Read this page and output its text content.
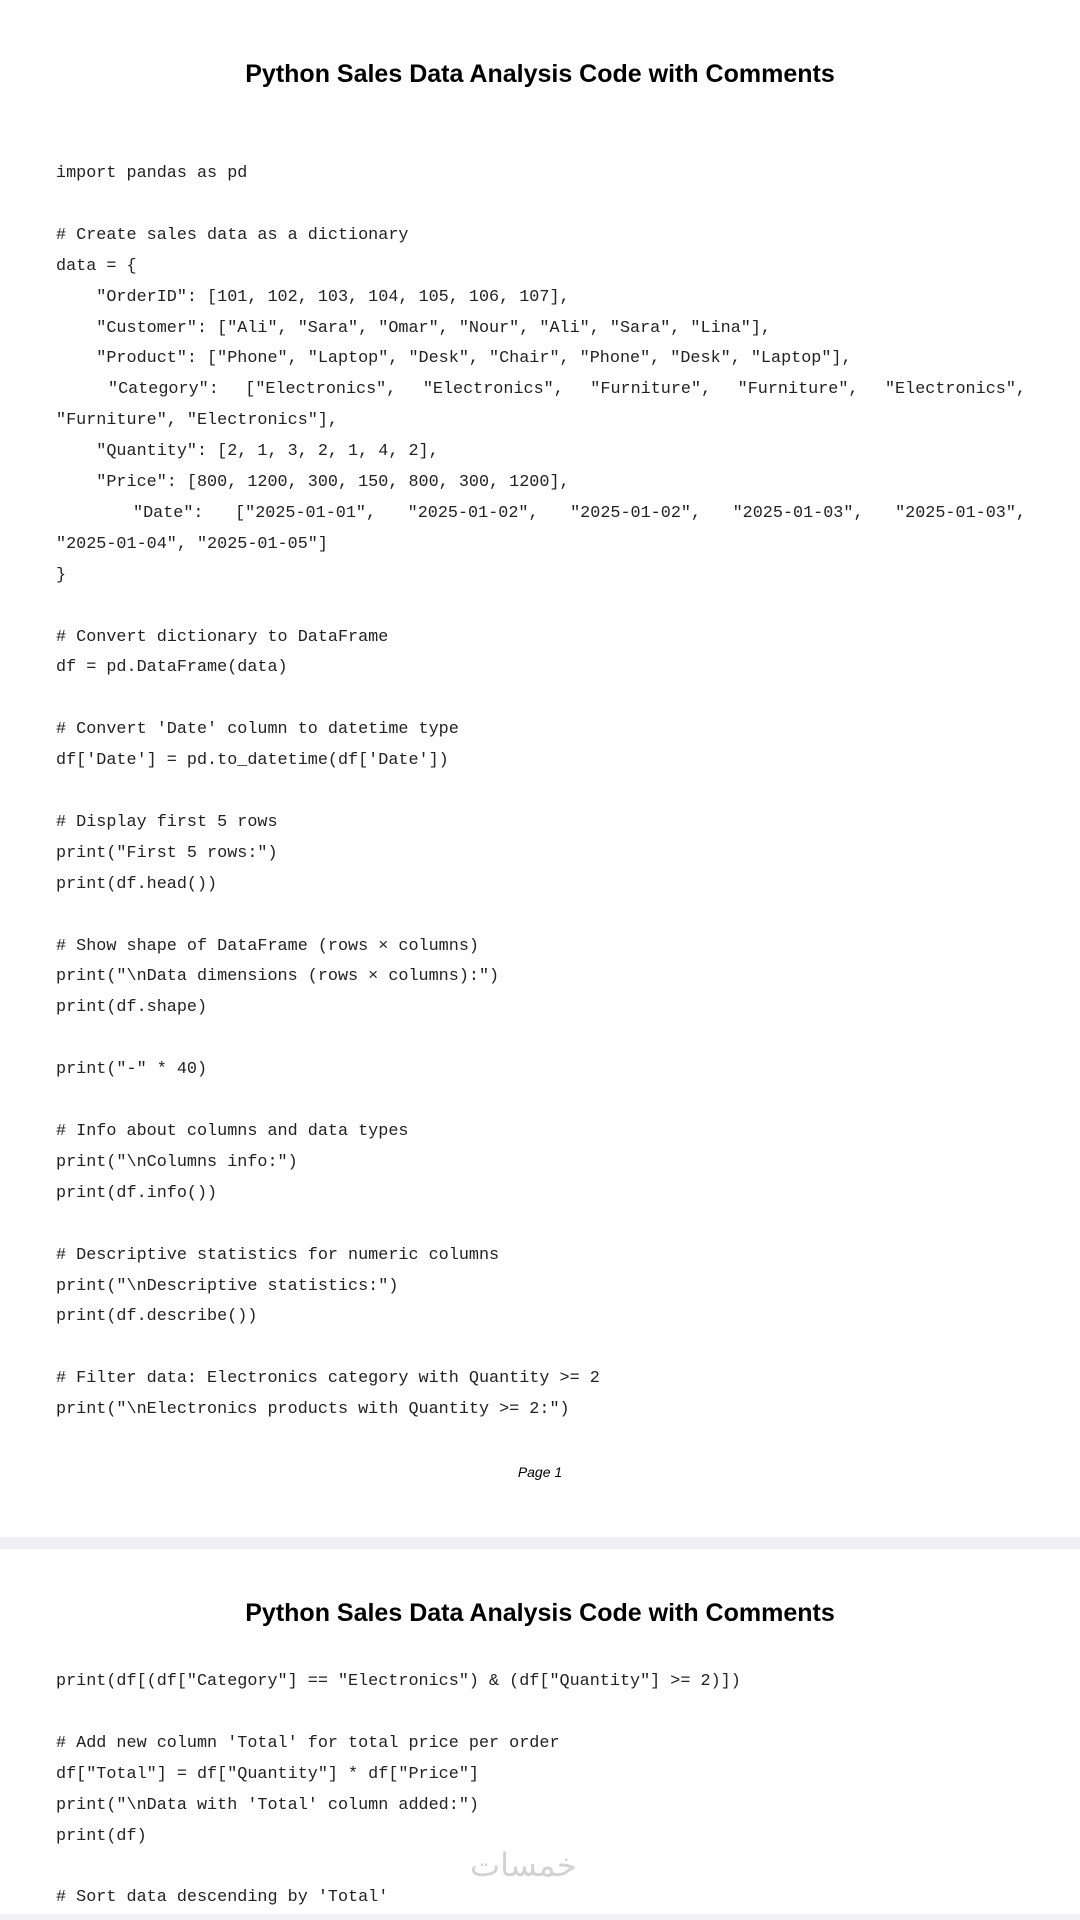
Python Sales Data Analysis Code with Comments
import pandas as pd
# Create sales data as a dictionary
data = {
"OrderID": [101, 102, 103, 104, 105, 106, 107],
"Customer": ["Ali", "Sara", "Omar", "Nour", "Ali", "Sara", "Lina"],
"Product": ["Phone", "Laptop", "Desk", "Chair", "Phone", "Desk", "Laptop"],
"Category": ["Electronics", "Electronics", "Furniture", "Furniture", "Electronics",
"Furniture", "Electronics"],
"Quantity": [2, 1, 3, 2, 1, 4, 2],
"Price": [800, 1200, 300, 150, 800, 300, 1200],
"Date": ["2025-01-01", "2025-01-02", "2025-01-02", "2025-01-03", "2025-01-03",
"2025-01-04", "2025-01-05"]
}
# Convert dictionary to DataFrame
df = pd.DataFrame(data)
# Convert 'Date' column to datetime type
df['Date'] = pd.to_datetime(df['Date'])
# Display first 5 rows
print("First 5 rows:")
print(df.head())
# Show shape of DataFrame (rows × columns)
print("\nData dimensions (rows × columns):")
print(df.shape)
print("-" * 40)
# Info about columns and data types
print("\nColumns info:")
print(df.info())
# Descriptive statistics for numeric columns
print("\nDescriptive statistics:")
print(df.describe())
# Filter data: Electronics category with Quantity >= 2
print("\nElectronics products with Quantity >= 2:")
Page 1
Python Sales Data Analysis Code with Comments
print(df[(df["Category"] == "Electronics") & (df["Quantity"] >= 2)])
# Add new column 'Total' for total price per order
df["Total"] = df["Quantity"] * df["Price"]
print("\nData with 'Total' column added:")
print(df)
# Sort data descending by 'Total'
خمسات
